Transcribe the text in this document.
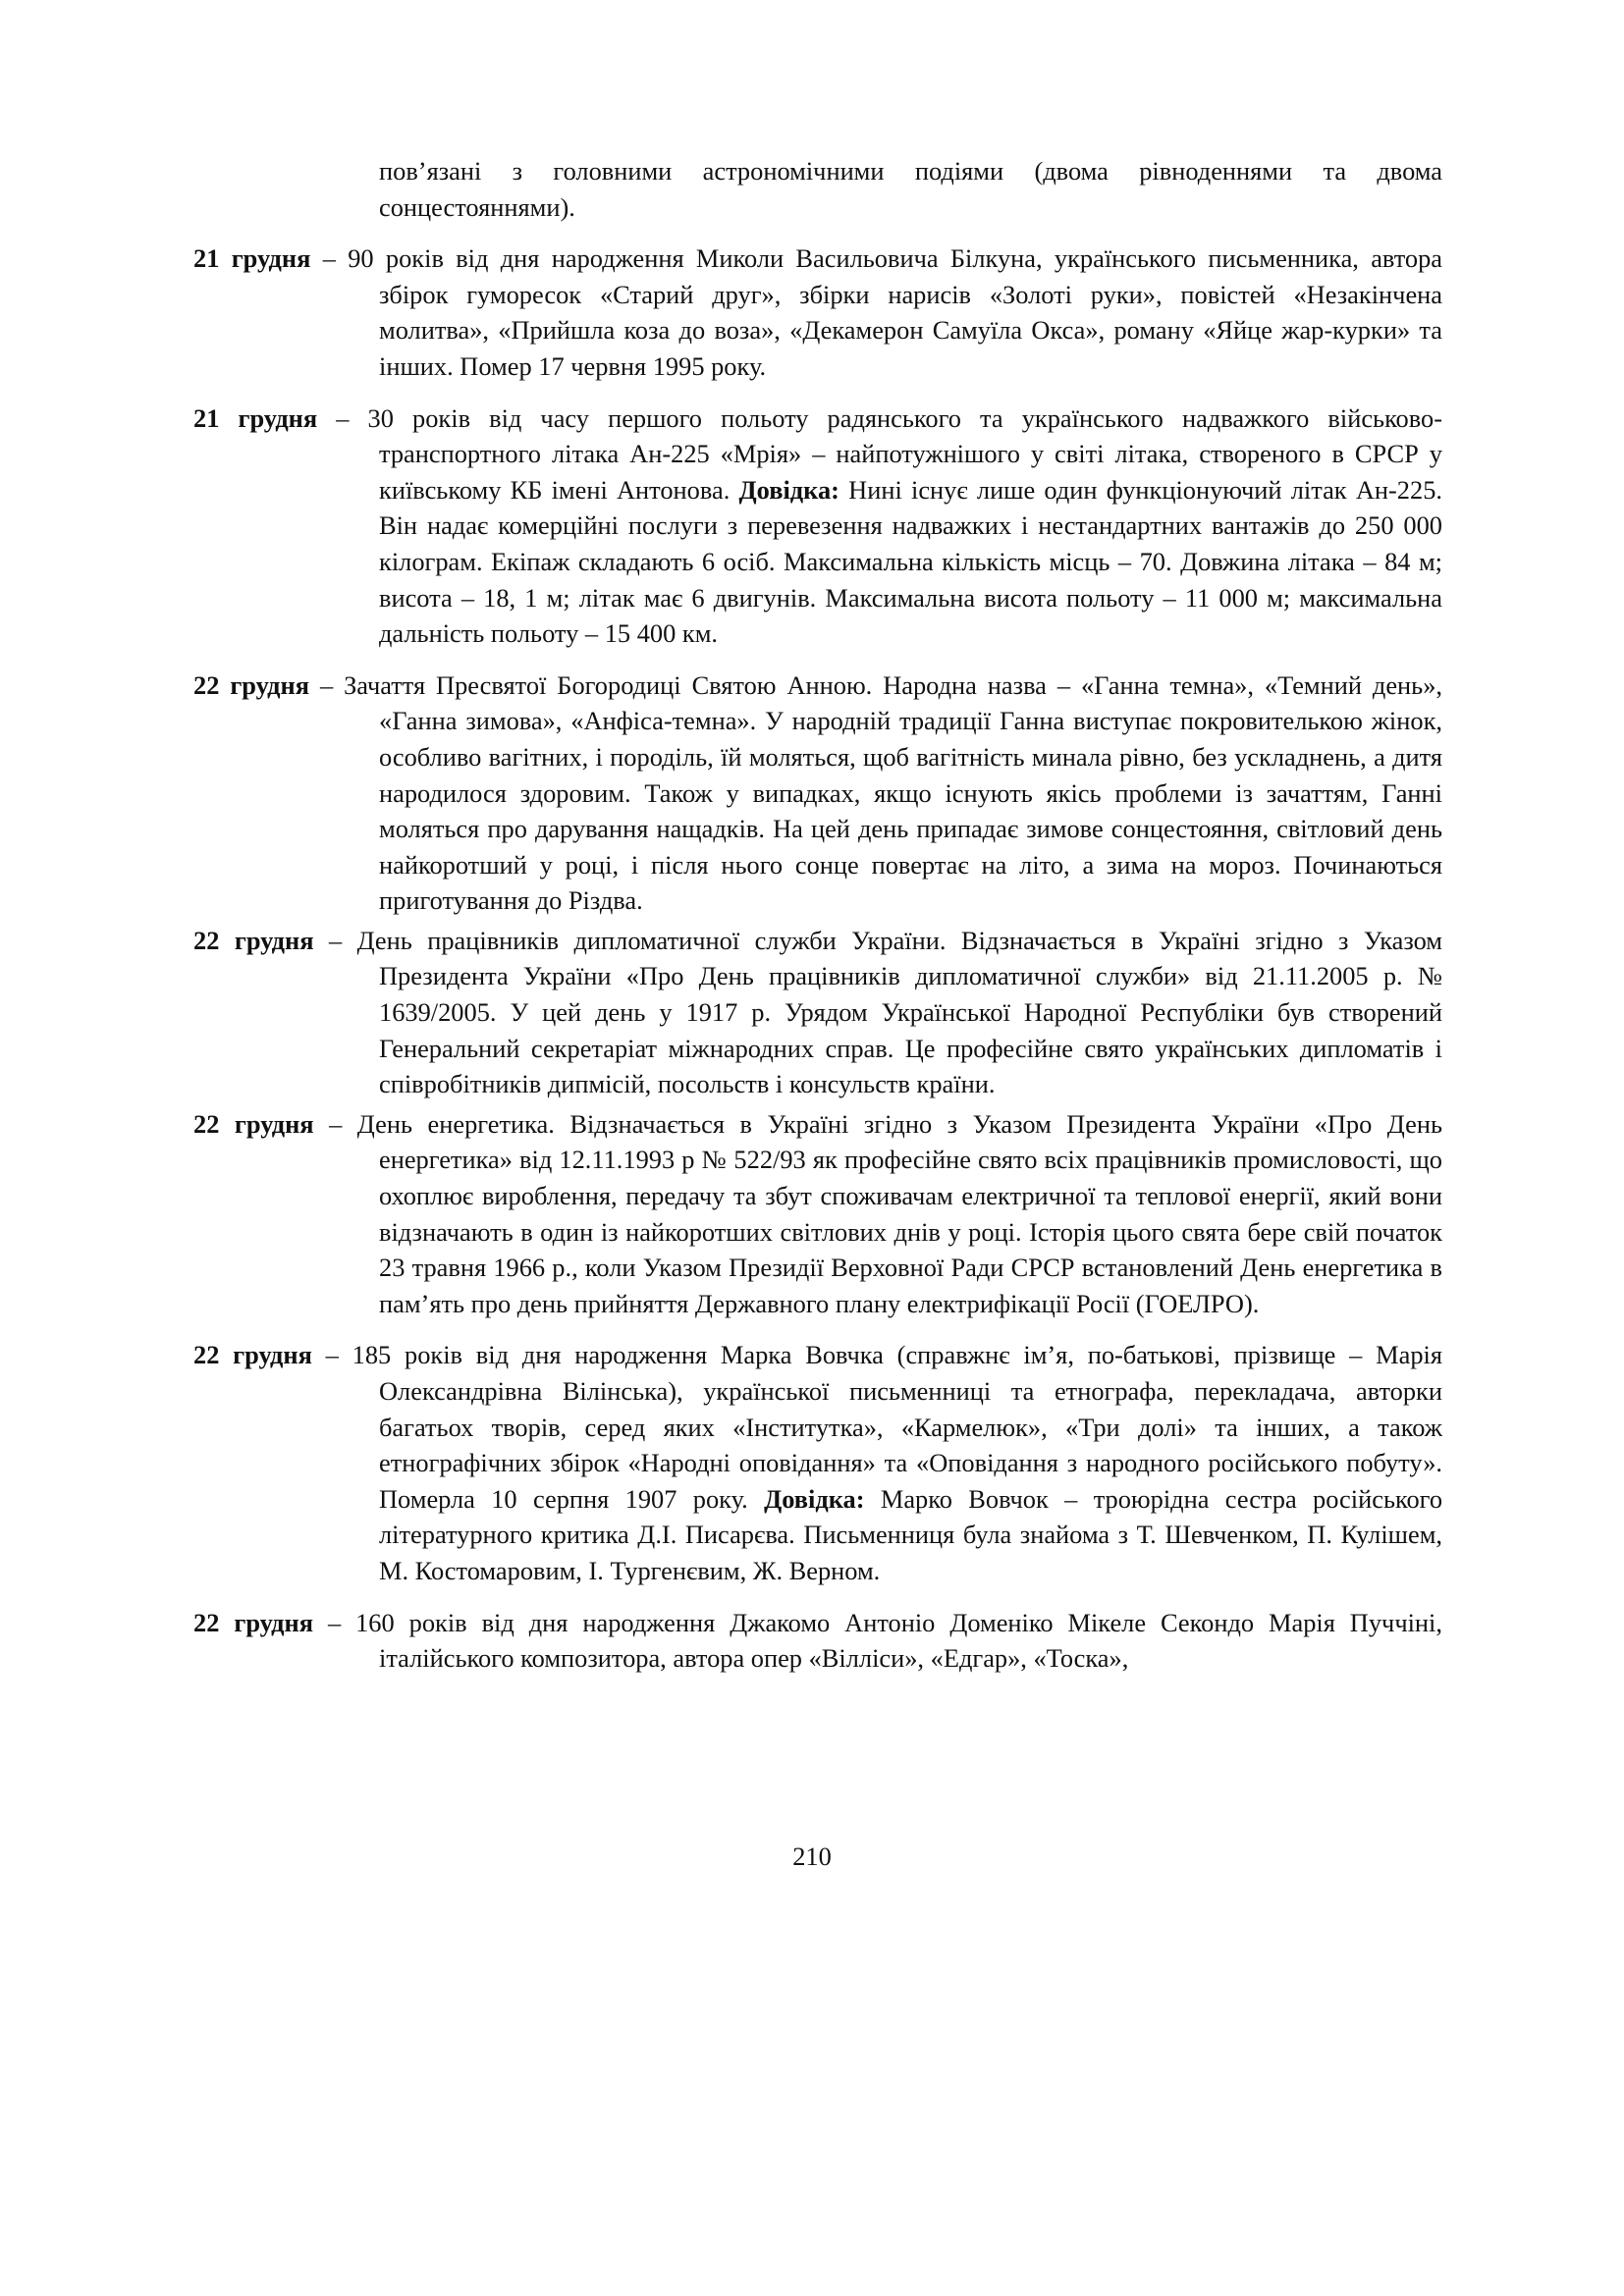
пов’язані з головними астрономічними подіями (двома рівноденнями та двома сонцестояннями).

21 грудня – 90 років від дня народження Миколи Васильовича Білкуна, українського письменника, автора збірок гуморесок «Старий друг», збірки нарисів «Золоті руки», повістей «Незакінчена молитва», «Прийшла коза до воза», «Декамерон Самуїла Окса», роману «Яйце жар-курки» та інших. Помер 17 червня 1995 року.

21 грудня – 30 років від часу першого польоту радянського та українського надважкого військово-транспортного літака Ан-225 «Мрія» – найпотужнішого у світі літака, створеного в СРСР у київському КБ імені Антонова. Довідка: Нині існує лише один функціонуючий літак Ан-225. Він надає комерційні послуги з перевезення надважких і нестандартних вантажів до 250 000 кілограм. Екіпаж складають 6 осіб. Максимальна кількість місць – 70. Довжина літака – 84 м; висота – 18, 1 м; літак має 6 двигунів. Максимальна висота польоту – 11 000 м; максимальна дальність польоту – 15 400 км.

22 грудня – Зачаття Пресвятої Богородиці Святою Анною. Народна назва – «Ганна темна», «Темний день», «Ганна зимова», «Анфіса-темна». У народній традиції Ганна виступає покровителькою жінок, особливо вагітних, і породіль, їй моляться, щоб вагітність минала рівно, без ускладнень, а дитя народилося здоровим. Також у випадках, якщо існують якісь проблеми із зачаттям, Ганні моляться про дарування нащадків. На цей день припадає зимове сонцестояння, світловий день найкоротший у році, і після нього сонце повертає на літо, а зима на мороз. Починаються приготування до Різдва.

22 грудня – День працівників дипломатичної служби України. Відзначається в Україні згідно з Указом Президента України «Про День працівників дипломатичної служби» від 21.11.2005 р. № 1639/2005. У цей день у 1917 р. Урядом Української Народної Республіки був створений Генеральний секретаріат міжнародних справ. Це професійне свято українських дипломатів і співробітників дипмісій, посольств і консульств країни.

22 грудня – День енергетика. Відзначається в Україні згідно з Указом Президента України «Про День енергетика» від 12.11.1993 р № 522/93 як професійне свято всіх працівників промисловості, що охоплює вироблення, передачу та збут споживачам електричної та теплової енергії, який вони відзначають в один із найкоротших світлових днів у році. Історія цього свята бере свій початок 23 травня 1966 р., коли Указом Президії Верховної Ради СРСР встановлений День енергетика в пам’ять про день прийняття Державного плану електрифікації Росії (ГОЕЛРО).

22 грудня – 185 років від дня народження Марка Вовчка (справжнє ім’я, по-батькові, прізвище – Марія Олександрівна Вілінська), української письменниці та етнографа, перекладача, авторки багатьох творів, серед яких «Інститутка», «Кармелюк», «Три долі» та інших, а також етнографічних збірок «Народні оповідання» та «Оповідання з народного російського побуту». Померла 10 серпня 1907 року. Довідка: Марко Вовчок – троюрідна сестра російського літературного критика Д.І. Писарєва. Письменниця була знайома з Т. Шевченком, П. Кулішем, М. Костомаровим, І. Тургенєвим, Ж. Верном.

22 грудня – 160 років від дня народження Джакомо Антоніо Доменіко Мікеле Секондо Марія Пуччіні, італійського композитора, автора опер «Вілліси», «Едгар», «Тоска»,

210
